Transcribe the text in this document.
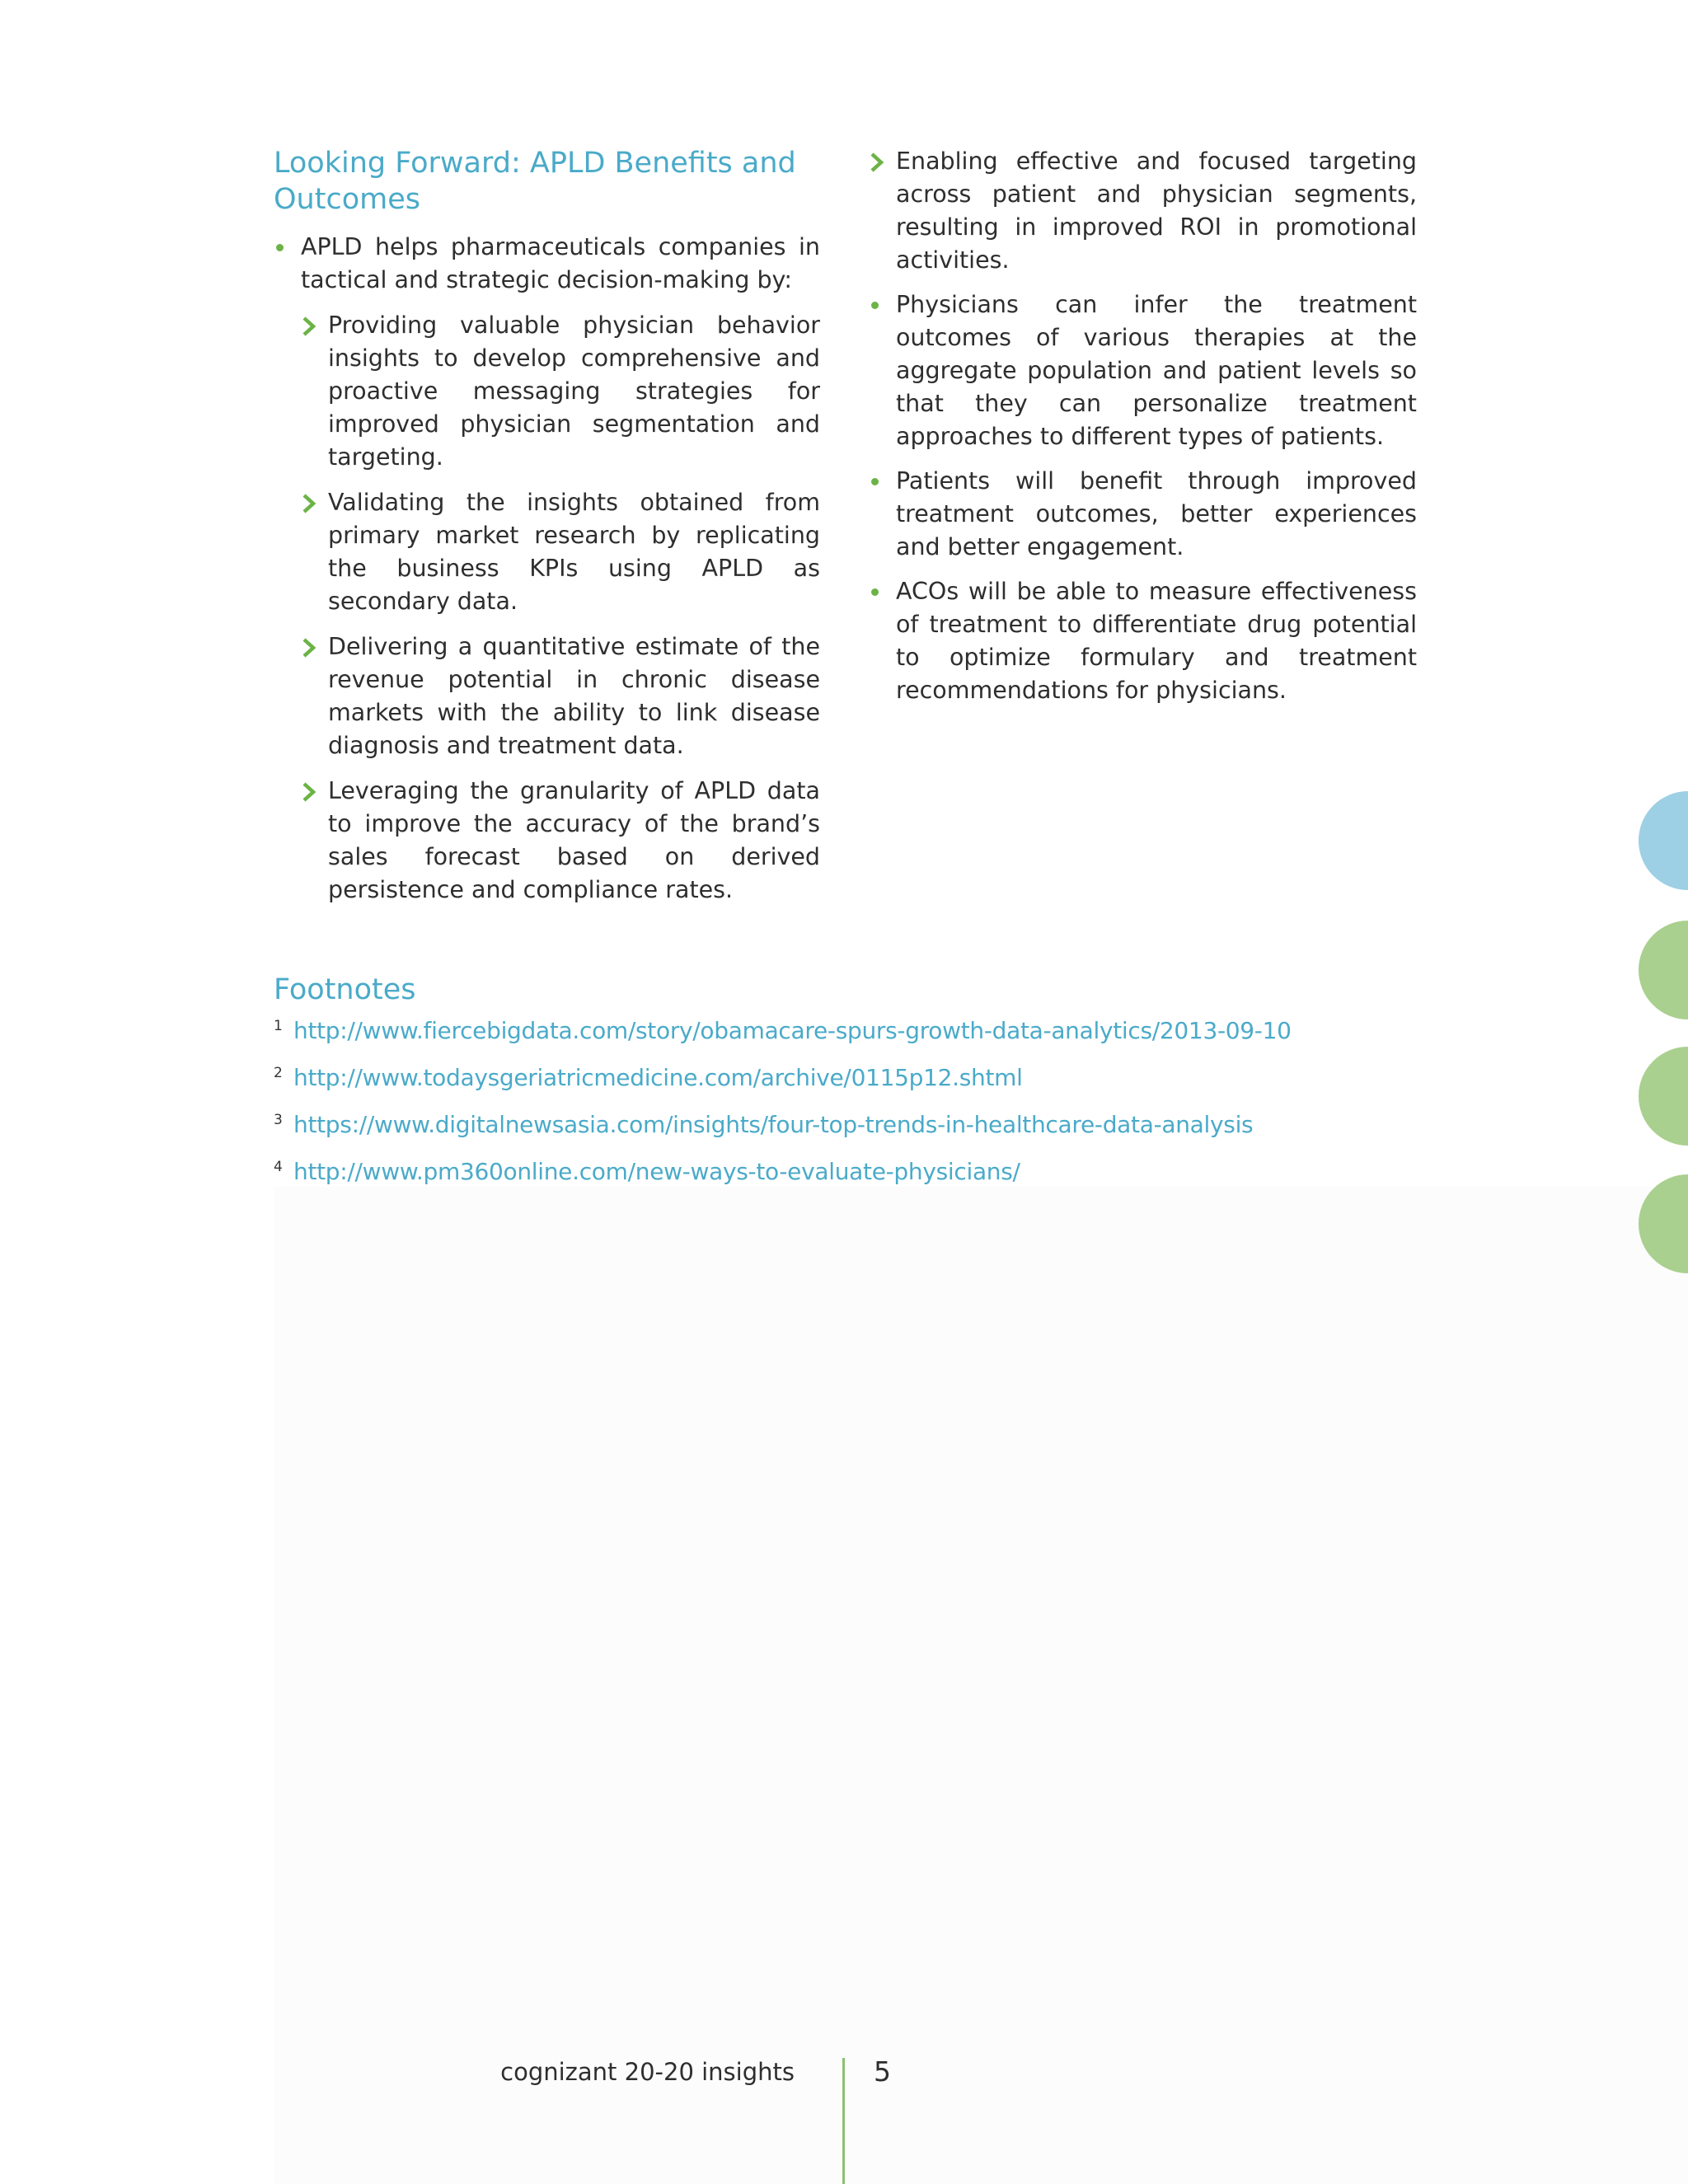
Looking Forward: APLD Benefits and Outcomes
APLD helps pharmaceuticals companies in tactical and strategic decision-making by:
Providing valuable physician behavior insights to develop comprehensive and proactive messaging strategies for improved physician segmentation and targeting.
Validating the insights obtained from primary market research by replicating the business KPIs using APLD as secondary data.
Delivering a quantitative estimate of the revenue potential in chronic disease markets with the ability to link disease diagnosis and treatment data.
Leveraging the granularity of APLD data to improve the accuracy of the brand’s sales forecast based on derived persistence and compliance rates.
Enabling effective and focused targeting across patient and physician segments, resulting in improved ROI in promotional activities.
Physicians can infer the treatment outcomes of various therapies at the aggregate population and patient levels so that they can personalize treatment approaches to different types of patients.
Patients will benefit through improved treatment outcomes, better experiences and better engagement.
ACOs will be able to measure effectiveness of treatment to differentiate drug potential to optimize formulary and treatment recommendations for physicians.
Footnotes
1 http://www.fiercebigdata.com/story/obamacare-spurs-growth-data-analytics/2013-09-10
2 http://www.todaysgeriatricmedicine.com/archive/0115p12.shtml
3 https://www.digitalnewsasia.com/insights/four-top-trends-in-healthcare-data-analysis
4 http://www.pm360online.com/new-ways-to-evaluate-physicians/
cognizant 20-20 insights	5
